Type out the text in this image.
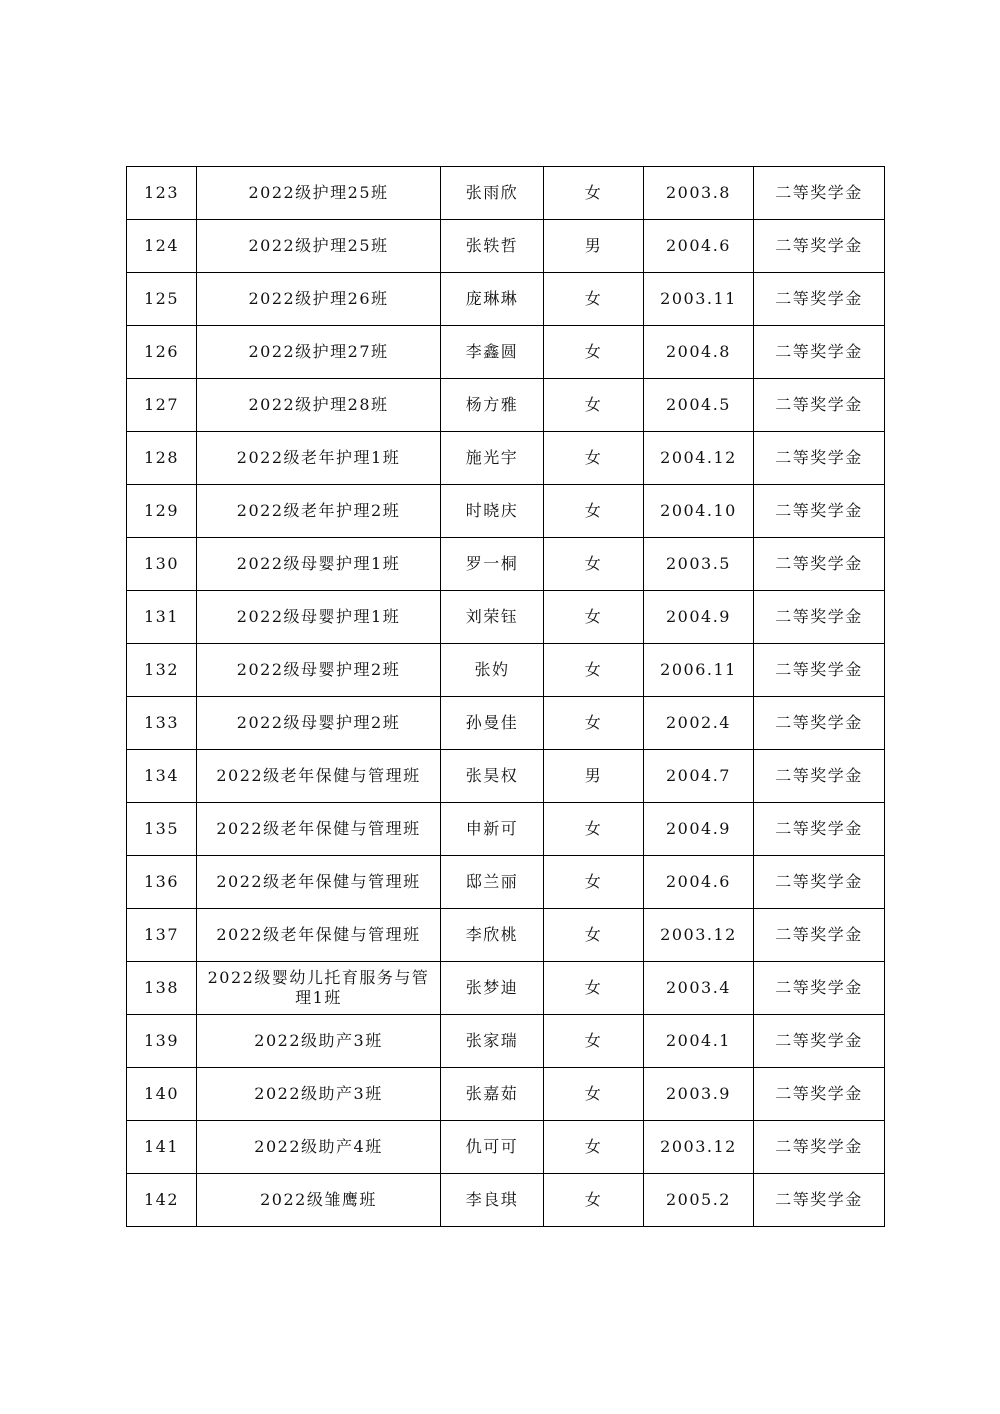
123	2022级护理25班	张雨欣	女	2003.8	二等奖学金
124	2022级护理25班	张轶哲	男	2004.6	二等奖学金
125	2022级护理26班	庞琳琳	女	2003.11	二等奖学金
126	2022级护理27班	李鑫圆	女	2004.8	二等奖学金
127	2022级护理28班	杨方雅	女	2004.5	二等奖学金
128	2022级老年护理1班	施光宇	女	2004.12	二等奖学金
129	2022级老年护理2班	时晓庆	女	2004.10	二等奖学金
130	2022级母婴护理1班	罗一桐	女	2003.5	二等奖学金
131	2022级母婴护理1班	刘荣钰	女	2004.9	二等奖学金
132	2022级母婴护理2班	张妁	女	2006.11	二等奖学金
133	2022级母婴护理2班	孙曼佳	女	2002.4	二等奖学金
134	2022级老年保健与管理班	张昊权	男	2004.7	二等奖学金
135	2022级老年保健与管理班	申新可	女	2004.9	二等奖学金
136	2022级老年保健与管理班	邸兰丽	女	2004.6	二等奖学金
137	2022级老年保健与管理班	李欣桃	女	2003.12	二等奖学金
138	2022级婴幼儿托育服务与管理1班	张梦迪	女	2003.4	二等奖学金
139	2022级助产3班	张家瑞	女	2004.1	二等奖学金
140	2022级助产3班	张嘉茹	女	2003.9	二等奖学金
141	2022级助产4班	仇可可	女	2003.12	二等奖学金
142	2022级雏鹰班	李良琪	女	2005.2	二等奖学金
